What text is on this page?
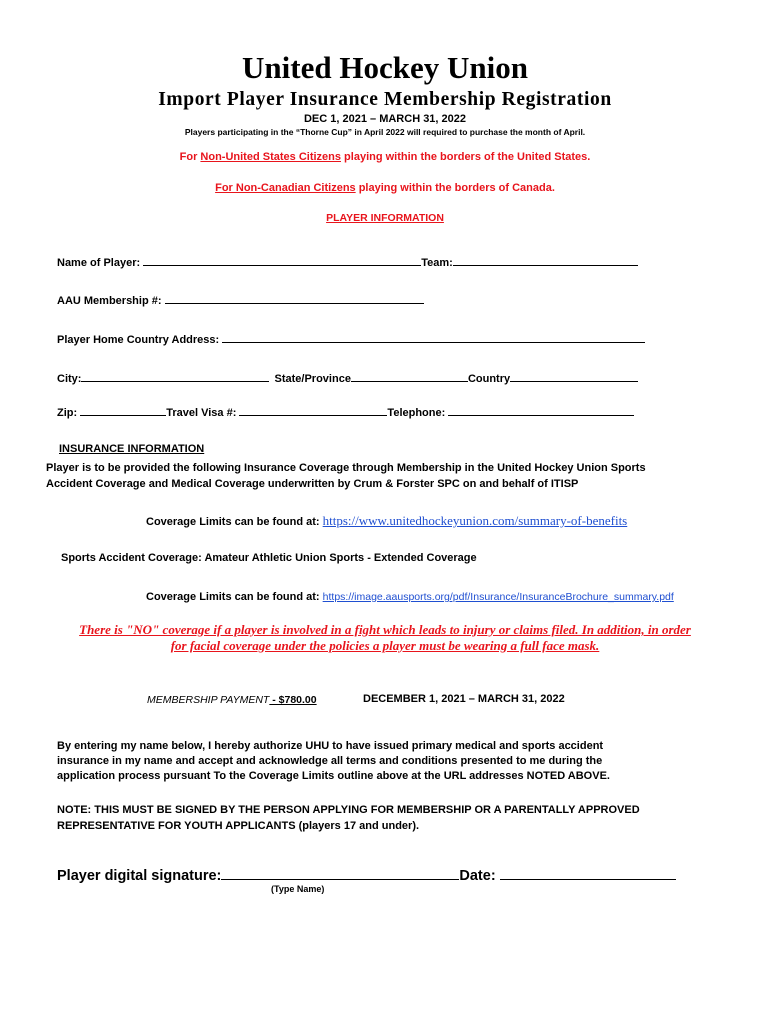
United Hockey Union
Import Player Insurance Membership Registration
DEC 1, 2021 – MARCH 31, 2022
Players participating in the “Thorne Cup” in April 2022 will required to purchase the month of April.
For Non-United States Citizens playing within the borders of the United States.
For Non-Canadian Citizens playing within the borders of Canada.
PLAYER INFORMATION
Name of Player:	Team:
AAU Membership #:
Player Home Country Address:
City:	State/Province	Country
Zip:	Travel Visa #:	Telephone:
INSURANCE INFORMATION
Player is to be provided the following Insurance Coverage through Membership in the United Hockey Union Sports
Accident Coverage and Medical Coverage underwritten by Crum & Forster SPC on and behalf of ITISP
Coverage Limits can be found at: https://www.unitedhockeyunion.com/summary-of-benefits
Sports Accident Coverage: Amateur Athletic Union Sports - Extended Coverage
Coverage Limits can be found at: https://image.aausports.org/pdf/Insurance/InsuranceBrochure_summary.pdf
There is "NO" coverage if a player is involved in a fight which leads to injury or claims filed. In addition, in order
for facial coverage under the policies a player must be wearing a full face mask.
MEMBERSHIP PAYMENT - $780.00	DECEMBER 1, 2021 – MARCH 31, 2022
By entering my name below, I hereby authorize UHU to have issued primary medical and sports accident
insurance in my name and accept and acknowledge all terms and conditions presented to me during the
application process pursuant To the Coverage Limits outline above at the URL addresses NOTED ABOVE.
NOTE: THIS MUST BE SIGNED BY THE PERSON APPLYING FOR MEMBERSHIP OR A PARENTALLY APPROVED
REPRESENTATIVE FOR YOUTH APPLICANTS (players 17 and under).
Player digital signature:	Date:
(Type Name)
